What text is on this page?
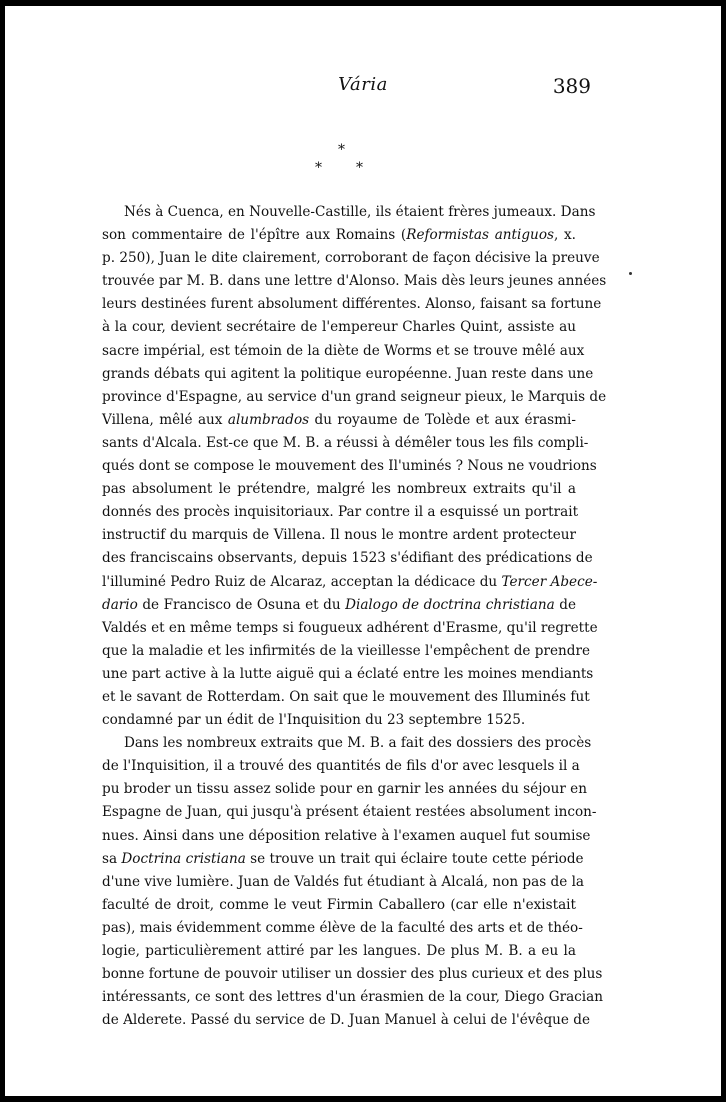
Vária	389
*
* *
Nés à Cuenca, en Nouvelle-Castille, ils étaient frères jumeaux. Dans
son commentaire de l'épître aux Romains (Reformistas antiguos, x.
p. 250), Juan le dite clairement, corroborant de façon décisive la preuve
trouvée par M. B. dans une lettre d'Alonso. Mais dès leurs jeunes années
leurs destinées furent absolument différentes. Alonso, faisant sa fortune
à la cour, devient secrétaire de l'empereur Charles Quint, assiste au
sacre impérial, est témoin de la diète de Worms et se trouve mêlé aux
grands débats qui agitent la politique européenne. Juan reste dans une
province d'Espagne, au service d'un grand seigneur pieux, le Marquis de
Villena, mêlé aux alumbrados du royaume de Tolède et aux érasmi-
sants d'Alcala. Est-ce que M. B. a réussi à démêler tous les fils compli-
qués dont se compose le mouvement des Il'uminés ? Nous ne voudrions
pas absolument le prétendre, malgré les nombreux extraits qu'il a
donnés des procès inquisitoriaux. Par contre il a esquissé un portrait
instructif du marquis de Villena. Il nous le montre ardent protecteur
des franciscains observants, depuis 1523 s'édifiant des prédications de
l'illuminé Pedro Ruiz de Alcaraz, acceptan la dédicace du Tercer Abece-
dario de Francisco de Osuna et du Dialogo de doctrina christiana de
Valdés et en même temps si fougueux adhérent d'Erasme, qu'il regrette
que la maladie et les infirmités de la vieillesse l'empêchent de prendre
une part active à la lutte aiguë qui a éclaté entre les moines mendiants
et le savant de Rotterdam. On sait que le mouvement des Illuminés fut
condamné par un édit de l'Inquisition du 23 septembre 1525.
Dans les nombreux extraits que M. B. a fait des dossiers des procès
de l'Inquisition, il a trouvé des quantités de fils d'or avec lesquels il a
pu broder un tissu assez solide pour en garnir les années du séjour en
Espagne de Juan, qui jusqu'à présent étaient restées absolument incon-
nues. Ainsi dans une déposition relative à l'examen auquel fut soumise
sa Doctrina cristiana se trouve un trait qui éclaire toute cette période
d'une vive lumière. Juan de Valdés fut étudiant à Alcalá, non pas de la
faculté de droit, comme le veut Firmin Caballero (car elle n'existait
pas), mais évidemment comme élève de la faculté des arts et de théo-
logie, particulièrement attiré par les langues. De plus M. B. a eu la
bonne fortune de pouvoir utiliser un dossier des plus curieux et des plus
intéressants, ce sont des lettres d'un érasmien de la cour, Diego Gracian
de Alderete. Passé du service de D. Juan Manuel à celui de l'évêque de
